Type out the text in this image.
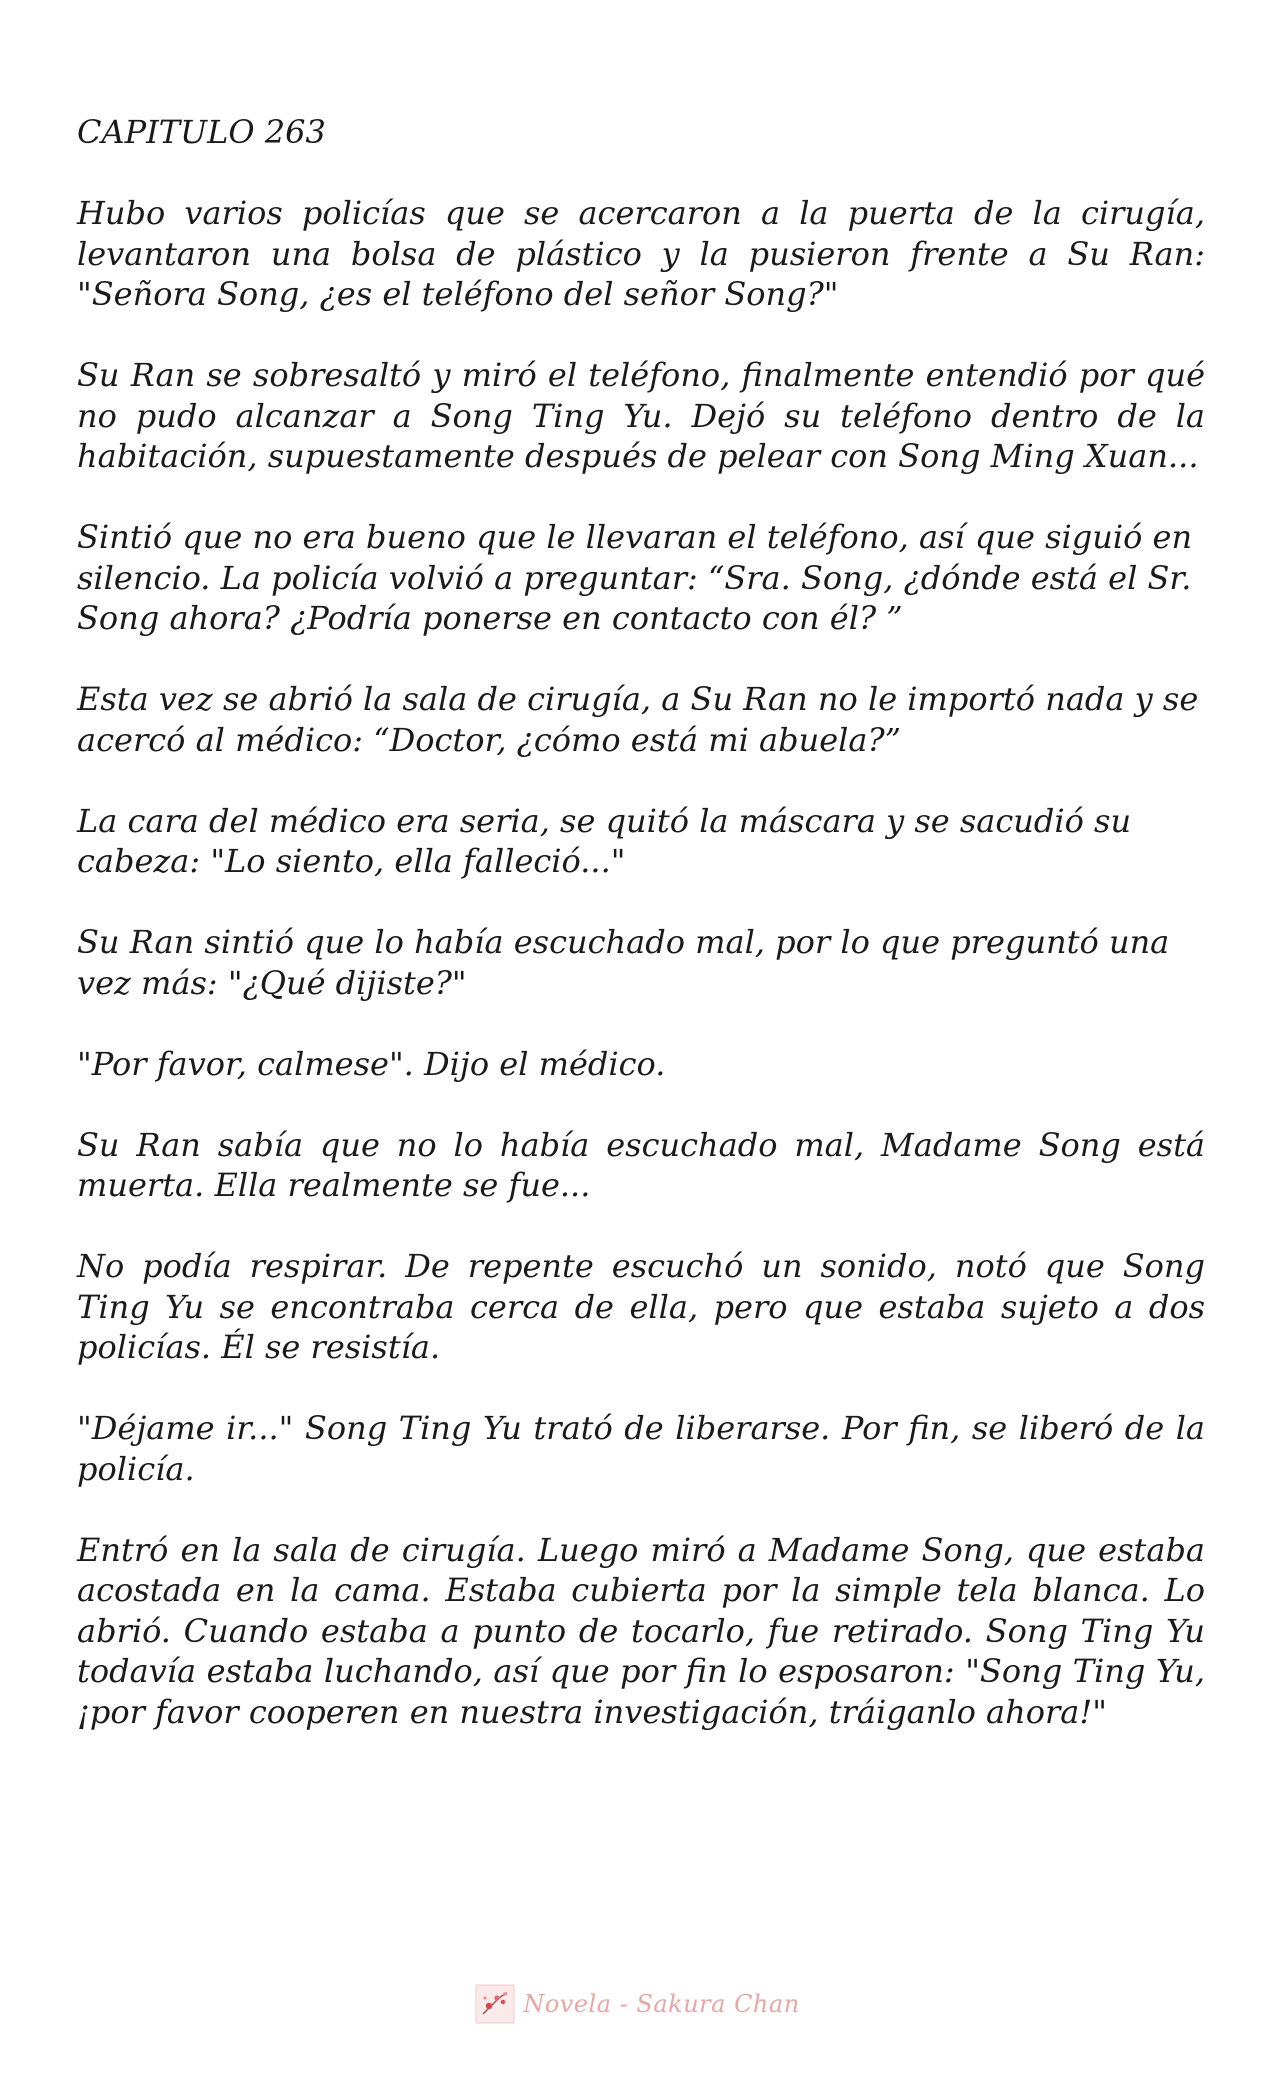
CAPITULO 263

Hubo varios policías que se acercaron a la puerta de la cirugía, levantaron una bolsa de plástico y la pusieron frente a Su Ran: "Señora Song, ¿es el teléfono del señor Song?"

Su Ran se sobresaltó y miró el teléfono, finalmente entendió por qué no pudo alcanzar a Song Ting Yu. Dejó su teléfono dentro de la habitación, supuestamente después de pelear con Song Ming Xuan...

Sintió que no era bueno que le llevaran el teléfono, así que siguió en silencio. La policía volvió a preguntar: “Sra. Song, ¿dónde está el Sr. Song ahora? ¿Podría ponerse en contacto con él? ”

Esta vez se abrió la sala de cirugía, a Su Ran no le importó nada y se acercó al médico: “Doctor, ¿cómo está mi abuela?”

La cara del médico era seria, se quitó la máscara y se sacudió su cabeza: "Lo siento, ella falleció..."

Su Ran sintió que lo había escuchado mal, por lo que preguntó una vez más: "¿Qué dijiste?"

"Por favor, calmese". Dijo el médico.

Su Ran sabía que no lo había escuchado mal, Madame Song está muerta. Ella realmente se fue...

No podía respirar. De repente escuchó un sonido, notó que Song Ting Yu se encontraba cerca de ella, pero que estaba sujeto a dos policías. Él se resistía.

"Déjame ir..." Song Ting Yu trató de liberarse. Por fin, se liberó de la policía.

Entró en la sala de cirugía. Luego miró a Madame Song, que estaba acostada en la cama. Estaba cubierta por la simple tela blanca. Lo abrió. Cuando estaba a punto de tocarlo, fue retirado. Song Ting Yu todavía estaba luchando, así que por fin lo esposaron: "Song Ting Yu, ¡por favor cooperen en nuestra investigación, tráiganlo ahora!"

Novela - Sakura Chan
